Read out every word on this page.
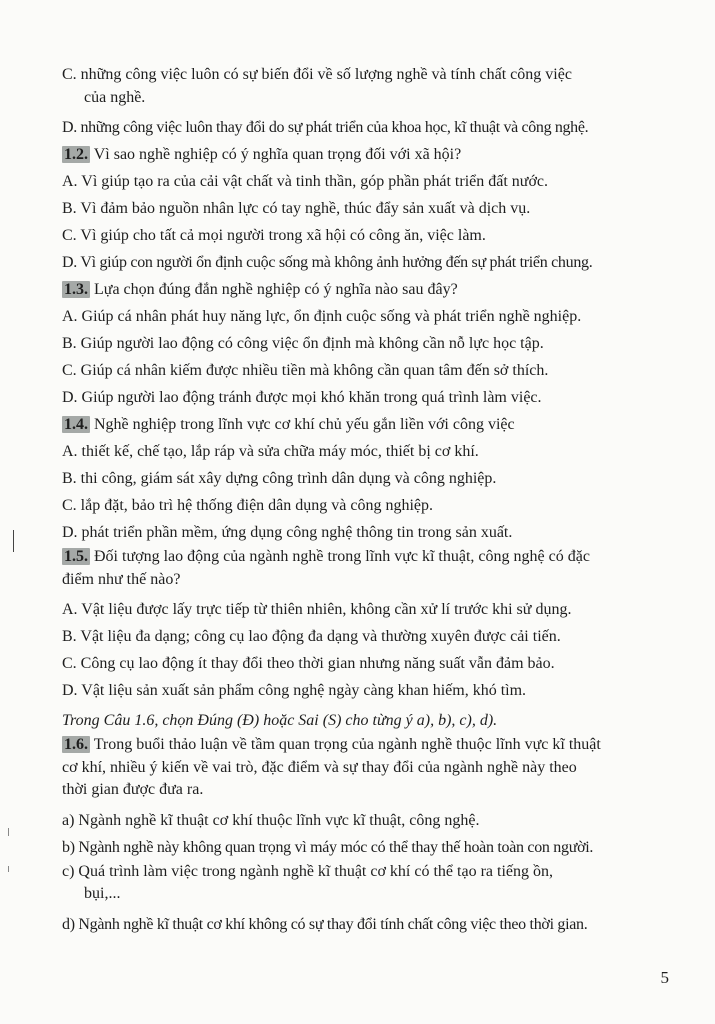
C. những công việc luôn có sự biến đổi về số lượng nghề và tính chất công việc
của nghề.
D. những công việc luôn thay đổi do sự phát triển của khoa học, kĩ thuật và công nghệ.
1.2. Vì sao nghề nghiệp có ý nghĩa quan trọng đối với xã hội?
A. Vì giúp tạo ra của cải vật chất và tinh thần, góp phần phát triển đất nước.
B. Vì đảm bảo nguồn nhân lực có tay nghề, thúc đẩy sản xuất và dịch vụ.
C. Vì giúp cho tất cả mọi người trong xã hội có công ăn, việc làm.
D. Vì giúp con người ổn định cuộc sống mà không ảnh hưởng đến sự phát triển chung.
1.3. Lựa chọn đúng đắn nghề nghiệp có ý nghĩa nào sau đây?
A. Giúp cá nhân phát huy năng lực, ổn định cuộc sống và phát triển nghề nghiệp.
B. Giúp người lao động có công việc ổn định mà không cần nỗ lực học tập.
C. Giúp cá nhân kiếm được nhiều tiền mà không cần quan tâm đến sở thích.
D. Giúp người lao động tránh được mọi khó khăn trong quá trình làm việc.
1.4. Nghề nghiệp trong lĩnh vực cơ khí chủ yếu gắn liền với công việc
A. thiết kế, chế tạo, lắp ráp và sửa chữa máy móc, thiết bị cơ khí.
B. thi công, giám sát xây dựng công trình dân dụng và công nghiệp.
C. lắp đặt, bảo trì hệ thống điện dân dụng và công nghiệp.
D. phát triển phần mềm, ứng dụng công nghệ thông tin trong sản xuất.
1.5. Đối tượng lao động của ngành nghề trong lĩnh vực kĩ thuật, công nghệ có đặc
điểm như thế nào?
A. Vật liệu được lấy trực tiếp từ thiên nhiên, không cần xử lí trước khi sử dụng.
B. Vật liệu đa dạng; công cụ lao động đa dạng và thường xuyên được cải tiến.
C. Công cụ lao động ít thay đổi theo thời gian nhưng năng suất vẫn đảm bảo.
D. Vật liệu sản xuất sản phẩm công nghệ ngày càng khan hiếm, khó tìm.
Trong Câu 1.6, chọn Đúng (Đ) hoặc Sai (S) cho từng ý a), b), c), d).
1.6. Trong buổi thảo luận về tầm quan trọng của ngành nghề thuộc lĩnh vực kĩ thuật
cơ khí, nhiều ý kiến về vai trò, đặc điểm và sự thay đổi của ngành nghề này theo
thời gian được đưa ra.
a) Ngành nghề kĩ thuật cơ khí thuộc lĩnh vực kĩ thuật, công nghệ.
b) Ngành nghề này không quan trọng vì máy móc có thể thay thế hoàn toàn con người.
c) Quá trình làm việc trong ngành nghề kĩ thuật cơ khí có thể tạo ra tiếng ồn,
bụi,...
d) Ngành nghề kĩ thuật cơ khí không có sự thay đổi tính chất công việc theo thời gian.
5
